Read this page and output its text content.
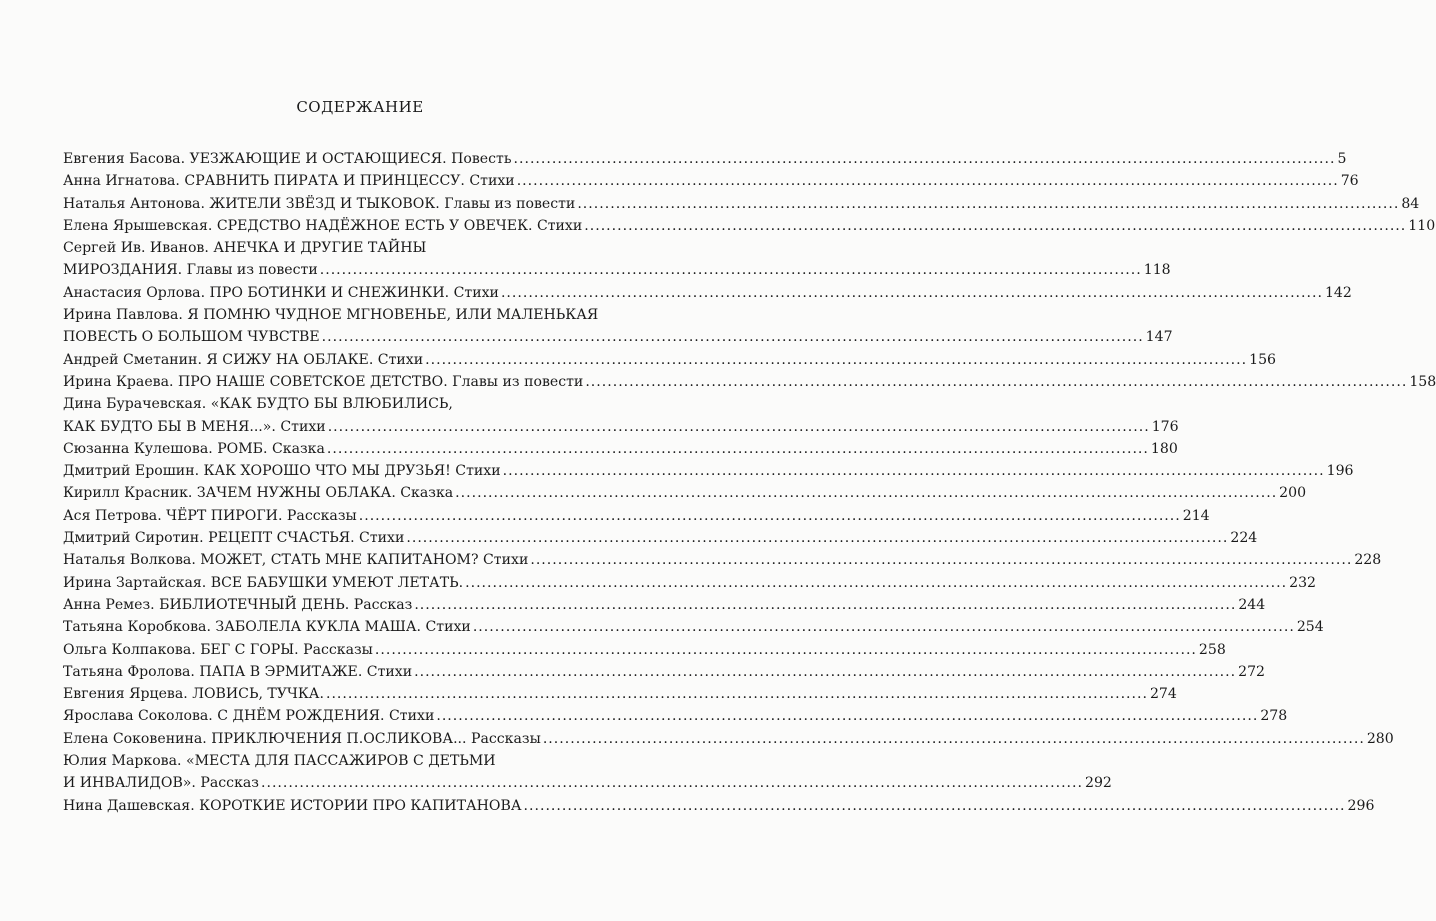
СОДЕРЖАНИЕ
Евгения Басова. УЕЗЖАЮЩИЕ И ОСТАЮЩИЕСЯ. Повесть .....	5
Анна Игнатова. СРАВНИТЬ ПИРАТА И ПРИНЦЕССУ. Стихи .....	76
Наталья Антонова. ЖИТЕЛИ ЗВЁЗД И ТЫКОВОК. Главы из повести .....	84
Елена Ярышевская. СРЕДСТВО НАДЁЖНОЕ ЕСТЬ У ОВЕЧЕК. Стихи .....	110
Сергей Ив. Иванов. АНЕЧКА И ДРУГИЕ ТАЙНЫ
МИРОЗДАНИЯ. Главы из повести .....	118
Анастасия Орлова. ПРО БОТИНКИ И СНЕЖИНКИ. Стихи .....	142
Ирина Павлова. Я ПОМНЮ ЧУДНОЕ МГНОВЕНЬЕ, ИЛИ МАЛЕНЬКАЯ
ПОВЕСТЬ О БОЛЬШОМ ЧУВСТВЕ .....	147
Андрей Сметанин. Я СИЖУ НА ОБЛАКЕ. Стихи .....	156
Ирина Краева. ПРО НАШЕ СОВЕТСКОЕ ДЕТСТВО. Главы из повести .....	158
Дина Бурачевская. «КАК БУДТО БЫ ВЛЮБИЛИСЬ,
КАК БУДТО БЫ В МЕНЯ...». Стихи .....	176
Сюзанна Кулешова. РОМБ. Сказка .....	180
Дмитрий Ерошин. КАК ХОРОШО ЧТО МЫ ДРУЗЬЯ! Стихи .....	196
Кирилл Красник. ЗАЧЕМ НУЖНЫ ОБЛАКА. Сказка .....	200
Ася Петрова. ЧЁРТ ПИРОГИ. Рассказы .....	214
Дмитрий Сиротин. РЕЦЕПТ СЧАСТЬЯ. Стихи .....	224
Наталья Волкова. МОЖЕТ, СТАТЬ МНЕ КАПИТАНОМ? Стихи .....	228
Ирина Зартайская. ВСЕ БАБУШКИ УМЕЮТ ЛЕТАТЬ. .....	232
Анна Ремез. БИБЛИОТЕЧНЫЙ ДЕНЬ. Рассказ .....	244
Татьяна Коробкова. ЗАБОЛЕЛА КУКЛА МАША. Стихи .....	254
Ольга Колпакова. БЕГ С ГОРЫ. Рассказы .....	258
Татьяна Фролова. ПАПА В ЭРМИТАЖЕ. Стихи .....	272
Евгения Ярцева. ЛОВИСЬ, ТУЧКА. .....	274
Ярослава Соколова. С ДНЁМ РОЖДЕНИЯ. Стихи .....	278
Елена Соковенина. ПРИКЛЮЧЕНИЯ П.ОСЛИКОВА... Рассказы .....	280
Юлия Маркова. «МЕСТА ДЛЯ ПАССАЖИРОВ С ДЕТЬМИ
И ИНВАЛИДОВ». Рассказ .....	292
Нина Дашевская. КОРОТКИЕ ИСТОРИИ ПРО КАПИТАНОВА .....	296
